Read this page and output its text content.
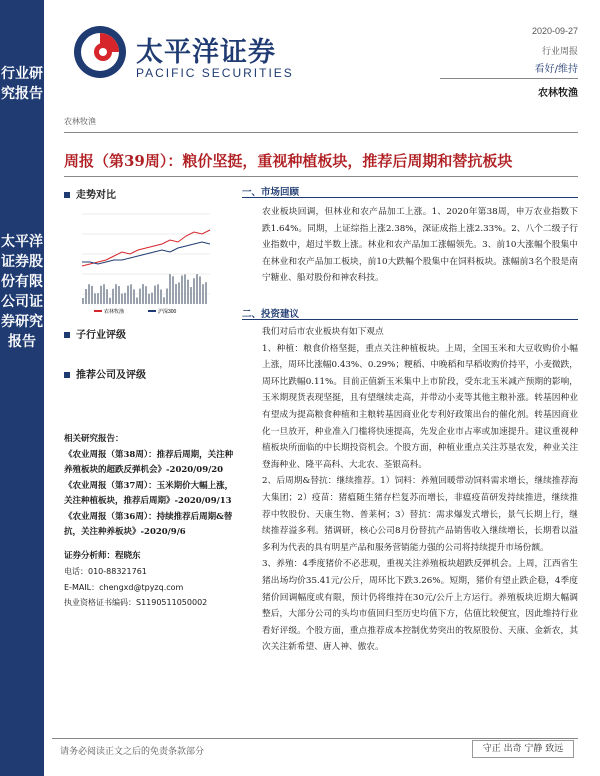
行业研究报告
太平洋证券股份有限公司证券研究报告
太平洋证券
PACIFIC SECURITIES
2020-09-27
行业周报
看好/维持
农林牧渔
农林牧渔
周报（第39周）：粮价坚挺，重视种植板块，推荐后周期和替抗板块
走势对比
农林牧渔	沪深300
子行业评级
推荐公司及评级
相关研究报告：
《农业周报（第38周）：推荐后周期，关注种养殖板块的超跌反弹机会》-2020/09/20
《农业周报（第37周）：玉米期价大幅上涨，关注种植板块，推荐后周期》-2020/09/13
《农业周报（第36周）：持续推荐后周期&替抗，关注种养板块》-2020/9/6
证券分析师：程晓东
电话：010-88321761
E-MAIL：chengxd@tpyzq.com
执业资格证书编码：S1190511050002
一、市场回顾

农业板块回调，但林业和农产品加工上涨。1、2020年第38周，申万农业指数下跌1.64%。同期，上证综指上涨2.38%，深证成指上涨2.33%。2、八个二级子行业指数中，超过半数上涨。林业和农产品加工涨幅领先。3、前10大涨幅个股集中在林业和农产品加工板块，前10大跌幅个股集中在饲料板块。涨幅前3名个股是南宁糖业、船对股份和神农科技。

二、投资建议

我们对后市农业板块有如下观点

1、种植：粮食价格坚挺，重点关注种植板块。上周，全国玉米和大豆收购价小幅上涨，周环比涨幅0.43%、0.29%；粳稻、中晚稻和早稻收购价持平，小麦微跌，周环比跌幅0.11%。目前正值新玉米集中上市阶段，受东北玉米减产预期的影响，玉米期现货表现坚挺，且有望继续走高，并带动小麦等其他主粮补涨。转基因种业有望成为提高粮食种植和主粮转基因商业化专利好政策出台的催化剂。转基因商业化一旦放开，种业准入门槛将快速提高，先发企业市占率或加速提升。建议重视种植板块所面临的中长期投资机会。个股方面，种植业重点关注苏垦农发，种业关注登海种业、隆平高科、大北农、荃银高科。

2、后周期&替抗：继续推荐。1）饲料：养殖回暖带动饲料需求增长，继续推荐海大集团；2）疫苗：猪瘟随生猪存栏复苏而增长，非瘟疫苗研发持续推进，继续推荐中牧股份、天康生物、普莱柯；3）替抗：需求爆发式增长，景气长期上行，继续推荐溢多利。猪调研，核心公司8月份替抗产品销售收入继续增长，长期看以溢多利为代表的具有明星产品和服务营销能力强的公司将持续提升市场份额。

3、养殖：4季度猪价不必悲观，重视关注养殖板块超跌反弹机会。上周，江西省生猪出场均价35.41元/公斤，周环比下跌3.26%。短期，猪价有望止跌企稳，4季度猪价回调幅度或有限，预计仍将维持在30元/公斤上方运行。养殖板块近期大幅调整后，大部分公司的头均市值回归至历史均值下方，估值比较便宜，因此维持行业看好评级。个股方面，重点推荐成本控制优势突出的牧原股份、天康、金新农，其次关注新希望、唐人神、傲农。

请务必阅读正文之后的免责条款部分	守正 出奇 宁静 致远
